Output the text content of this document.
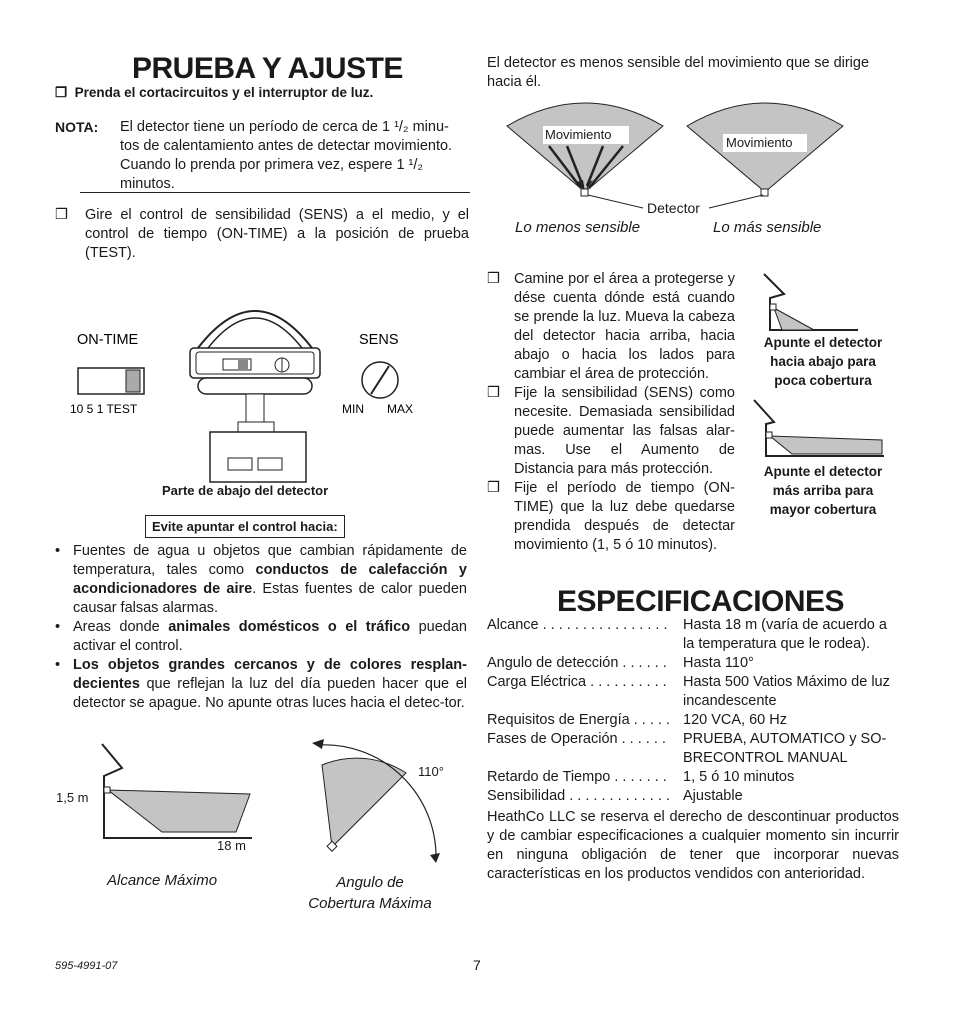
PRUEBA Y AJUSTE
❒ Prenda el cortacircuitos y el interruptor de luz.
NOTA: El detector tiene un período de cerca de 1 ¹/₂ minu-
tos de calentamiento antes de detectar movimiento.
Cuando lo prenda por primera vez, espere 1 ¹/₂
minutos.
❒	Gire el control de sensibilidad (SENS) a el medio, y el control de tiempo (ON-TIME) a la posición de prueba (TEST).
ON-TIME
10 5 1 TEST
SENS
MIN MAX
Parte de abajo del detector
Evite apuntar el control hacia:
• Fuentes de agua u objetos que cambian rápidamente de temperatura, tales como conductos de calefacción y acondicionadores de aire. Estas fuentes de calor pueden causar falsas alarmas.
• Areas donde animales domésticos o el tráfico puedan activar el control.
• Los objetos grandes cercanos y de colores resplan-decientes que reflejan la luz del día pueden hacer que el detector se apague. No apunte otras luces hacia el detec-tor.
1,5 m
18 m
Alcance Máximo
110°
Angulo de
Cobertura Máxima
El detector es menos sensible del movimiento que se dirige hacia él.
Movimiento
Movimiento
Detector
Lo menos sensible	Lo más sensible
❒ Camine por el área a protegerse y dése cuenta dónde está cuando se prende la luz. Mueva la cabeza del detector hacia arriba, hacia abajo o hacia los lados para cambiar el área de protección.
❒ Fije la sensibilidad (SENS) como necesite. Demasiada sensibilidad puede aumentar las falsas alar-mas. Use el Aumento de Distancia para más protección.
❒ Fije el período de tiempo (ON-TIME) que la luz debe quedarse prendida después de detectar movimiento (1, 5 ó 10 minutos).
Apunte el detector
hacia abajo para
poca cobertura
Apunte el detector
más arriba para
mayor cobertura
ESPECIFICACIONES
Alcance . . . . . . . . . . . . . . . .	Hasta 18 m (varía de acuerdo a la temperatura que le rodea).
Angulo de detección . . . . . .	Hasta 110°
Carga Eléctrica . . . . . . . . . .	Hasta 500 Vatios Máximo de luz incandescente
Requisitos de Energía . . . . . 120 VCA, 60 Hz
Fases de Operación . . . . . .	PRUEBA, AUTOMATICO y SO-BRECONTROL MANUAL
Retardo de Tiempo . . . . . . .	1, 5 ó 10 minutos
Sensibilidad . . . . . . . . . . . . . Ajustable
HeathCo LLC se reserva el derecho de descontinuar productos y de cambiar especificaciones a cualquier momento sin incurrir en ninguna obligación de tener que incorporar nuevas características en los productos vendidos con anterioridad.
595-4991-07	7
